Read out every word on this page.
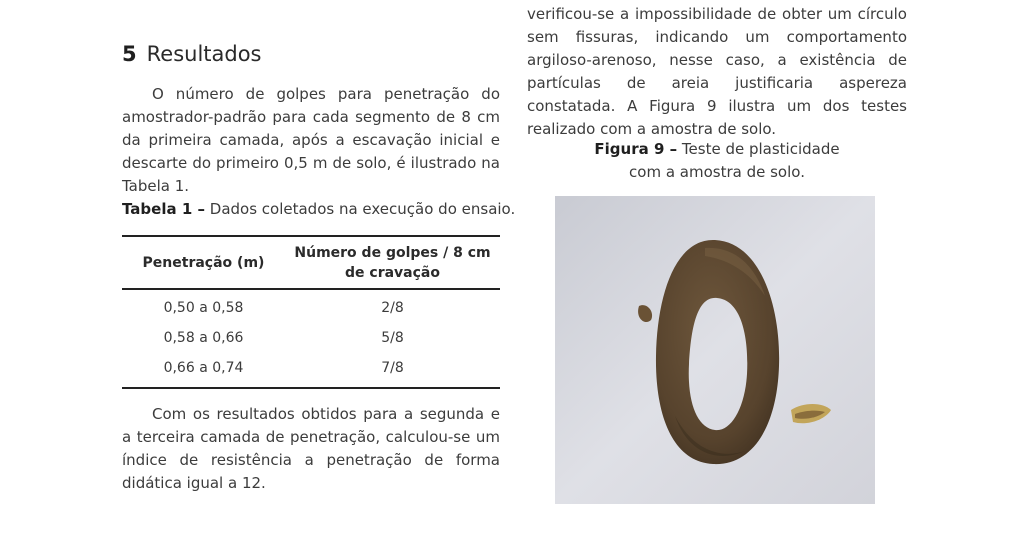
5 Resultados

O número de golpes para penetração do amostrador-padrão para cada segmento de 8 cm da primeira camada, após a escavação inicial e descarte do primeiro 0,5 m de solo, é ilustrado na Tabela 1.

Tabela 1 – Dados coletados na execução do ensaio.
Penetração (m)	Número de golpes / 8 cm de cravação
0,50 a 0,58	2/8
0,58 a 0,66	5/8
0,66 a 0,74	7/8

Com os resultados obtidos para a segunda e a terceira camada de penetração, calculou-se um índice de resistência a penetração de forma didática igual a 12.

verificou-se a impossibilidade de obter um círculo sem fissuras, indicando um comportamento argiloso-arenoso, nesse caso, a existência de partículas de areia justificaria aspereza constatada. A Figura 9 ilustra um dos testes realizado com a amostra de solo.

Figura 9 – Teste de plasticidade
com a amostra de solo.
